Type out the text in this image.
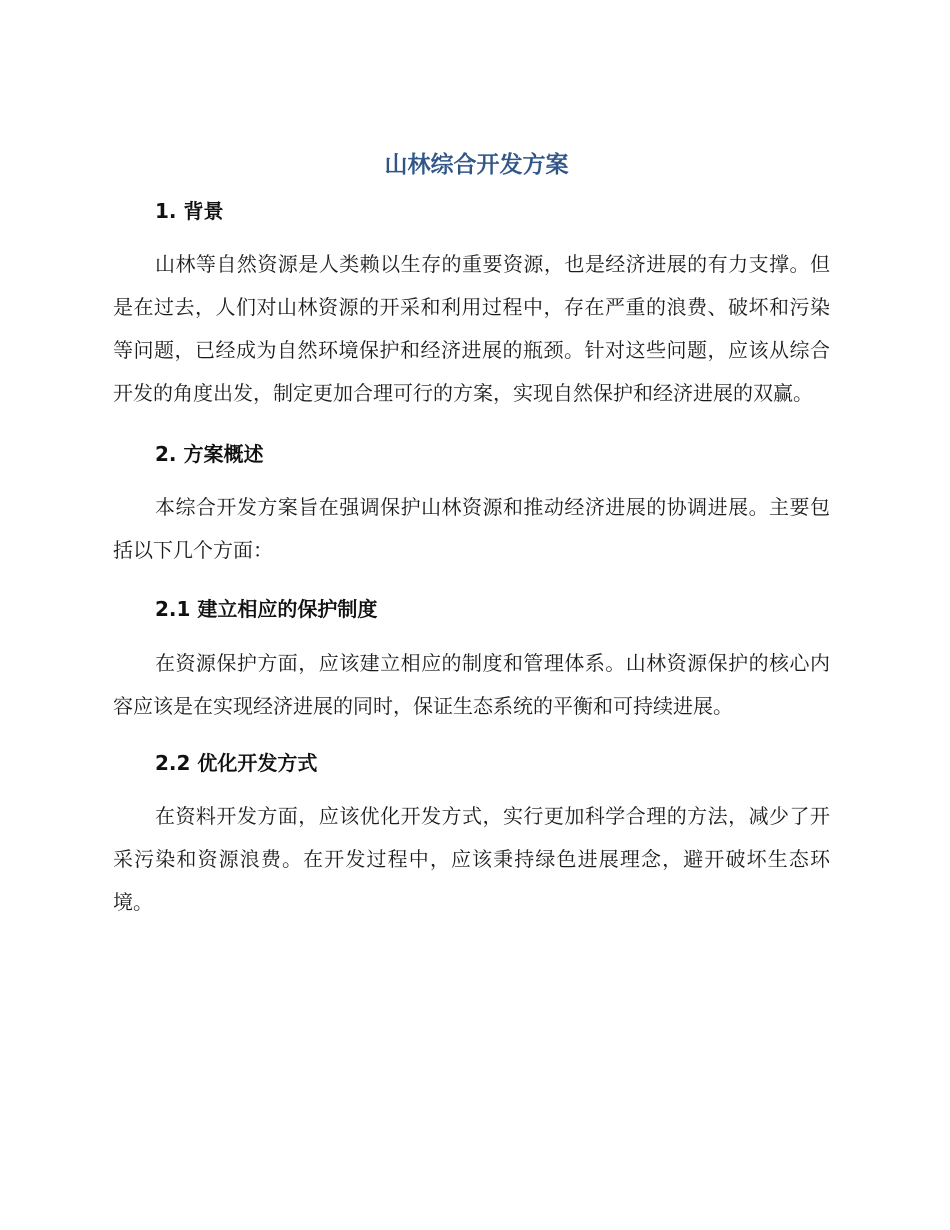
山林综合开发方案
1. 背景

山林等自然资源是人类赖以生存的重要资源，也是经济进展的有力支撑。但是在过去，人们对山林资源的开采和利用过程中，存在严重的浪费、破坏和污染等问题，已经成为自然环境保护和经济进展的瓶颈。针对这些问题，应该从综合开发的角度出发，制定更加合理可行的方案，实现自然保护和经济进展的双赢。

2. 方案概述

本综合开发方案旨在强调保护山林资源和推动经济进展的协调进展。主要包括以下几个方面：

2.1 建立相应的保护制度

在资源保护方面，应该建立相应的制度和管理体系。山林资源保护的核心内容应该是在实现经济进展的同时，保证生态系统的平衡和可持续进展。

2.2 优化开发方式

在资料开发方面，应该优化开发方式，实行更加科学合理的方法，减少了开采污染和资源浪费。在开发过程中，应该秉持绿色进展理念，避开破坏生态环境。
